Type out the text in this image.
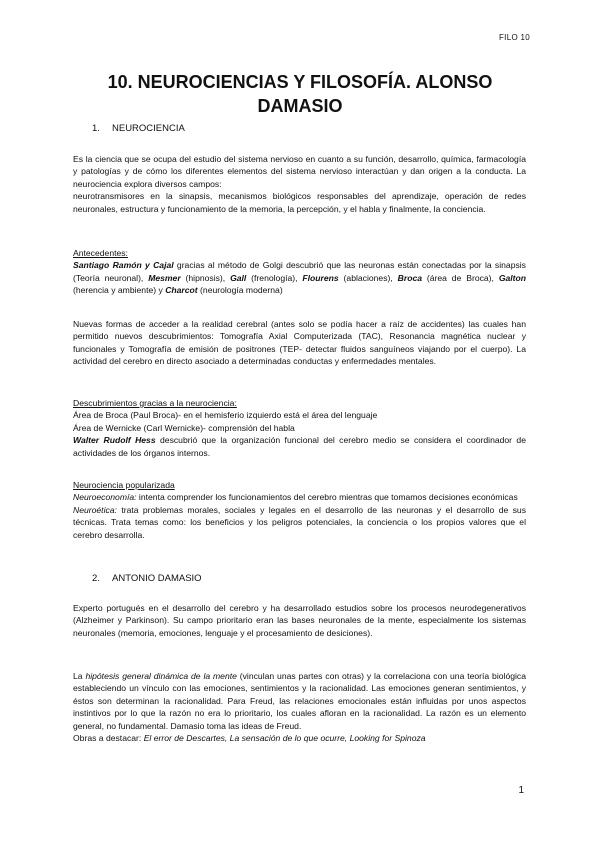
FILO 10
10. NEUROCIENCIAS Y FILOSOFÍA. ALONSO
DAMASIO
1. NEUROCIENCIA

Es la ciencia que se ocupa del estudio del sistema nervioso en cuanto a su función, desarrollo, química, farmacología y patologías y de cómo los diferentes elementos del sistema nervioso interactúan y dan origen a la conducta. La neurociencia explora diversos campos:

neurotransmisores en la sinapsis, mecanismos biológicos responsables del aprendizaje, operación de redes neuronales, estructura y funcionamiento de la memoria, la percepción, y el habla y finalmente, la conciencia.

Antecedentes:

Santiago Ramón y Cajal gracias al método de Golgi descubrió que las neuronas están conectadas por la sinapsis (Teoría neuronal), Mesmer (hipnosis), Gall (frenología), Flourens (ablaciones), Broca (área de Broca), Galton (herencia y ambiente) y Charcot (neurología moderna)

Nuevas formas de acceder a la realidad cerebral (antes solo se podía hacer a raíz de accidentes) las cuales han permitido nuevos descubrimientos: Tomografía Axial Computerizada (TAC), Resonancia magnética nuclear y funcionales y Tomografía de emisión de positrones (TEP- detectar fluidos sanguíneos viajando por el cuerpo). La actividad del cerebro en directo asociado a determinadas conductas y enfermedades mentales.

Descubrimientos gracias a la neurociencia:

Área de Broca (Paul Broca)- en el hemisferio izquierdo está el área del lenguaje

Área de Wernicke (Carl Wernicke)- comprensión del habla

Walter Rudolf Hess descubrió que la organización funcional del cerebro medio se considera el coordinador de actividades de los órganos internos.

Neurociencia popularizada

Neuroeconomía: intenta comprender los funcionamientos del cerebro mientras que tomamos decisiones económicas

Neuroética: trata problemas morales, sociales y legales en el desarrollo de las neuronas y el desarrollo de sus técnicas. Trata temas como: los beneficios y los peligros potenciales, la conciencia o los propios valores que el cerebro desarrolla.

2. ANTONIO DAMASIO

Experto portugués en el desarrollo del cerebro y ha desarrollado estudios sobre los procesos neurodegenerativos (Alzheimer y Parkinson). Su campo prioritario eran las bases neuronales de la mente, especialmente los sistemas neuronales (memoria, emociones, lenguaje y el procesamiento de desiciones).

La hipótesis general dinámica de la mente (vinculan unas partes con otras) y la correlaciona con una teoría biológica estableciendo un vínculo con las emociones, sentimientos y la racionalidad. Las emociones generan sentimientos, y éstos son determinan la racionalidad. Para Freud, las relaciones emocionales están influidas por unos aspectos instintivos por lo que la razón no era lo prioritario, los cuales afloran en la racionalidad. La razón es un elemento general, no fundamental. Damasio toma las ideas de Freud.

Obras a destacar: El error de Descartes, La sensación de lo que ocurre, Looking for Spinoza

1
